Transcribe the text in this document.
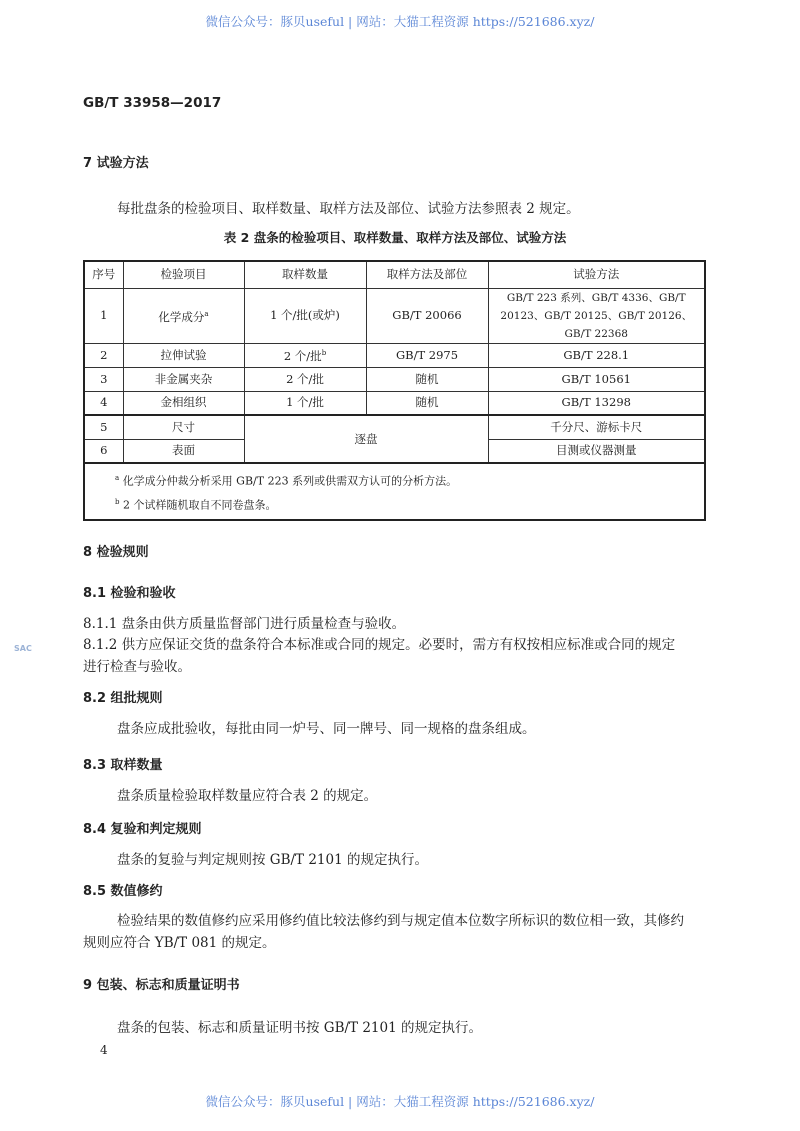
微信公众号：豚贝useful | 网站：大猫工程资源 https://521686.xyz/
GB/T 33958—2017
7 试验方法
每批盘条的检验项目、取样数量、取样方法及部位、试验方法参照表 2 规定。
表 2 盘条的检验项目、取样数量、取样方法及部位、试验方法
序号	检验项目	取样数量	取样方法及部位	试验方法
1	化学成分$^a$	1 个/批(或炉)	GB/T 20066	GB/T 223 系列、GB/T 4336、GB/T 20123、GB/T 20125、GB/T 20126、GB/T 22368
2	拉伸试验	2 个/批$^b$	GB/T 2975	GB/T 228.1
3	非金属夹杂	2 个/批	随机	GB/T 10561
4	金相组织	1 个/批	随机	GB/T 13298
5	尺寸	逐盘		千分尺、游标卡尺
6	表面			目测或仪器测量

$^a$ 化学成分仲裁分析采用 GB/T 223 系列或供需双方认可的分析方法。
$^b$ 2 个试样随机取自不同卷盘条。				
8 检验规则
8.1 检验和验收
8.1.1 盘条由供方质量监督部门进行质量检查与验收。
8.1.2 供方应保证交货的盘条符合本标准或合同的规定。必要时，需方有权按相应标准或合同的规定
进行检查与验收。
SAC
8.2 组批规则
盘条应成批验收，每批由同一炉号、同一牌号、同一规格的盘条组成。
8.3 取样数量
盘条质量检验取样数量应符合表 2 的规定。
8.4 复验和判定规则
盘条的复验与判定规则按 GB/T 2101 的规定执行。
8.5 数值修约
检验结果的数值修约应采用修约值比较法修约到与规定值本位数字所标识的数位相一致，其修约
规则应符合 YB/T 081 的规定。
9 包装、标志和质量证明书
盘条的包装、标志和质量证明书按 GB/T 2101 的规定执行。
4
微信公众号：豚贝useful | 网站：大猫工程资源 https://521686.xyz/
